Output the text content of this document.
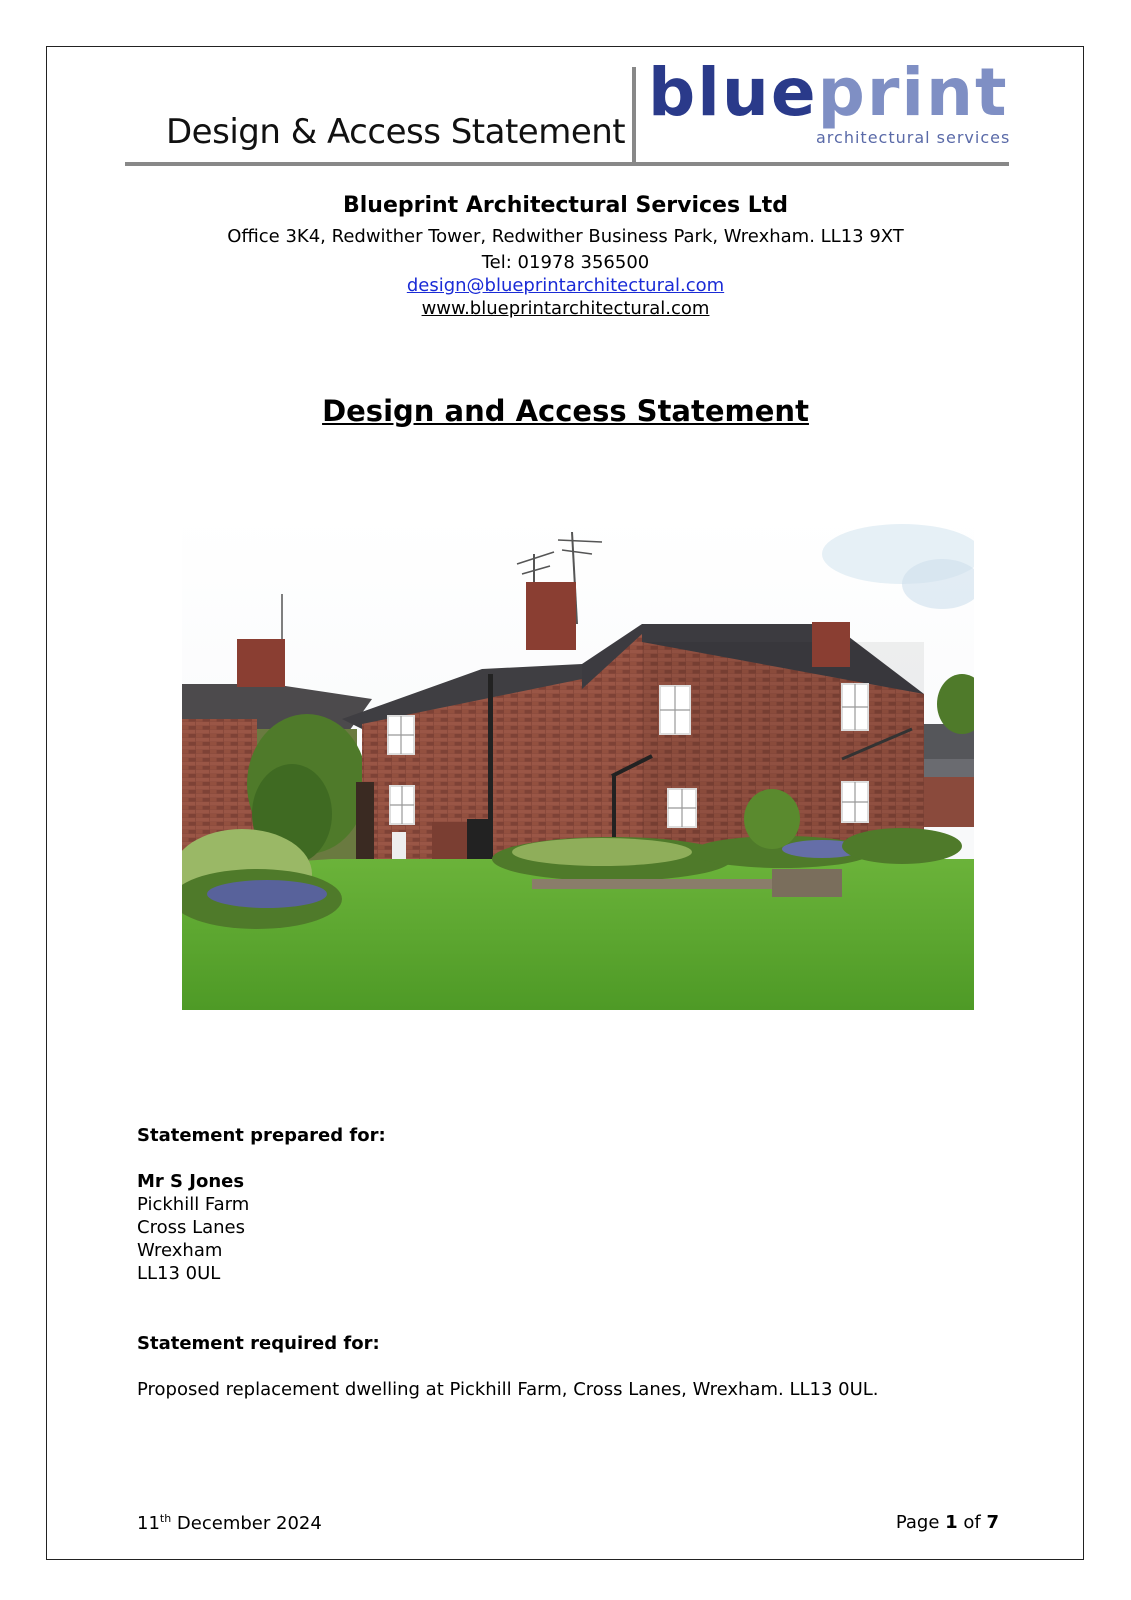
Design & Access Statement
blueprint
architectural services
Blueprint Architectural Services Ltd
Office 3K4, Redwither Tower, Redwither Business Park, Wrexham. LL13 9XT
Tel: 01978 356500
design@blueprintarchitectural.com
www.blueprintarchitectural.com
Design and Access Statement
Statement prepared for:
Mr S Jones
Pickhill Farm
Cross Lanes
Wrexham
LL13 0UL
Statement required for:
Proposed replacement dwelling at Pickhill Farm, Cross Lanes, Wrexham. LL13 0UL.
11th December 2024	Page 1 of 7
